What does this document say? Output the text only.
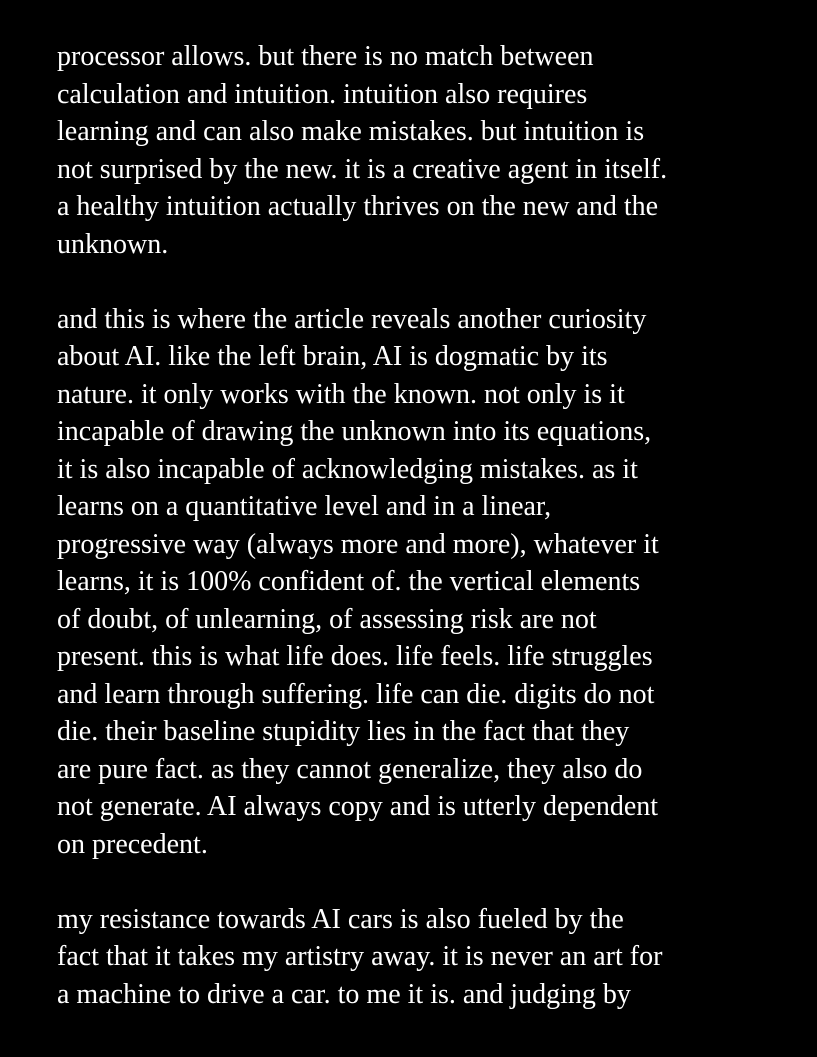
processor allows. but there is no match between
calculation and intuition. intuition also requires
learning and can also make mistakes. but intuition is
not surprised by the new. it is a creative agent in itself.
a healthy intuition actually thrives on the new and the
unknown.
and this is where the article reveals another curiosity
about AI. like the left brain, AI is dogmatic by its
nature. it only works with the known. not only is it
incapable of drawing the unknown into its equations,
it is also incapable of acknowledging mistakes. as it
learns on a quantitative level and in a linear,
progressive way (always more and more), whatever it
learns, it is 100% confident of. the vertical elements
of doubt, of unlearning, of assessing risk are not
present. this is what life does. life feels. life struggles
and learn through suffering. life can die. digits do not
die. their baseline stupidity lies in the fact that they
are pure fact. as they cannot generalize, they also do
not generate. AI always copy and is utterly dependent
on precedent.
my resistance towards AI cars is also fueled by the
fact that it takes my artistry away. it is never an art for
a machine to drive a car. to me it is. and judging by
